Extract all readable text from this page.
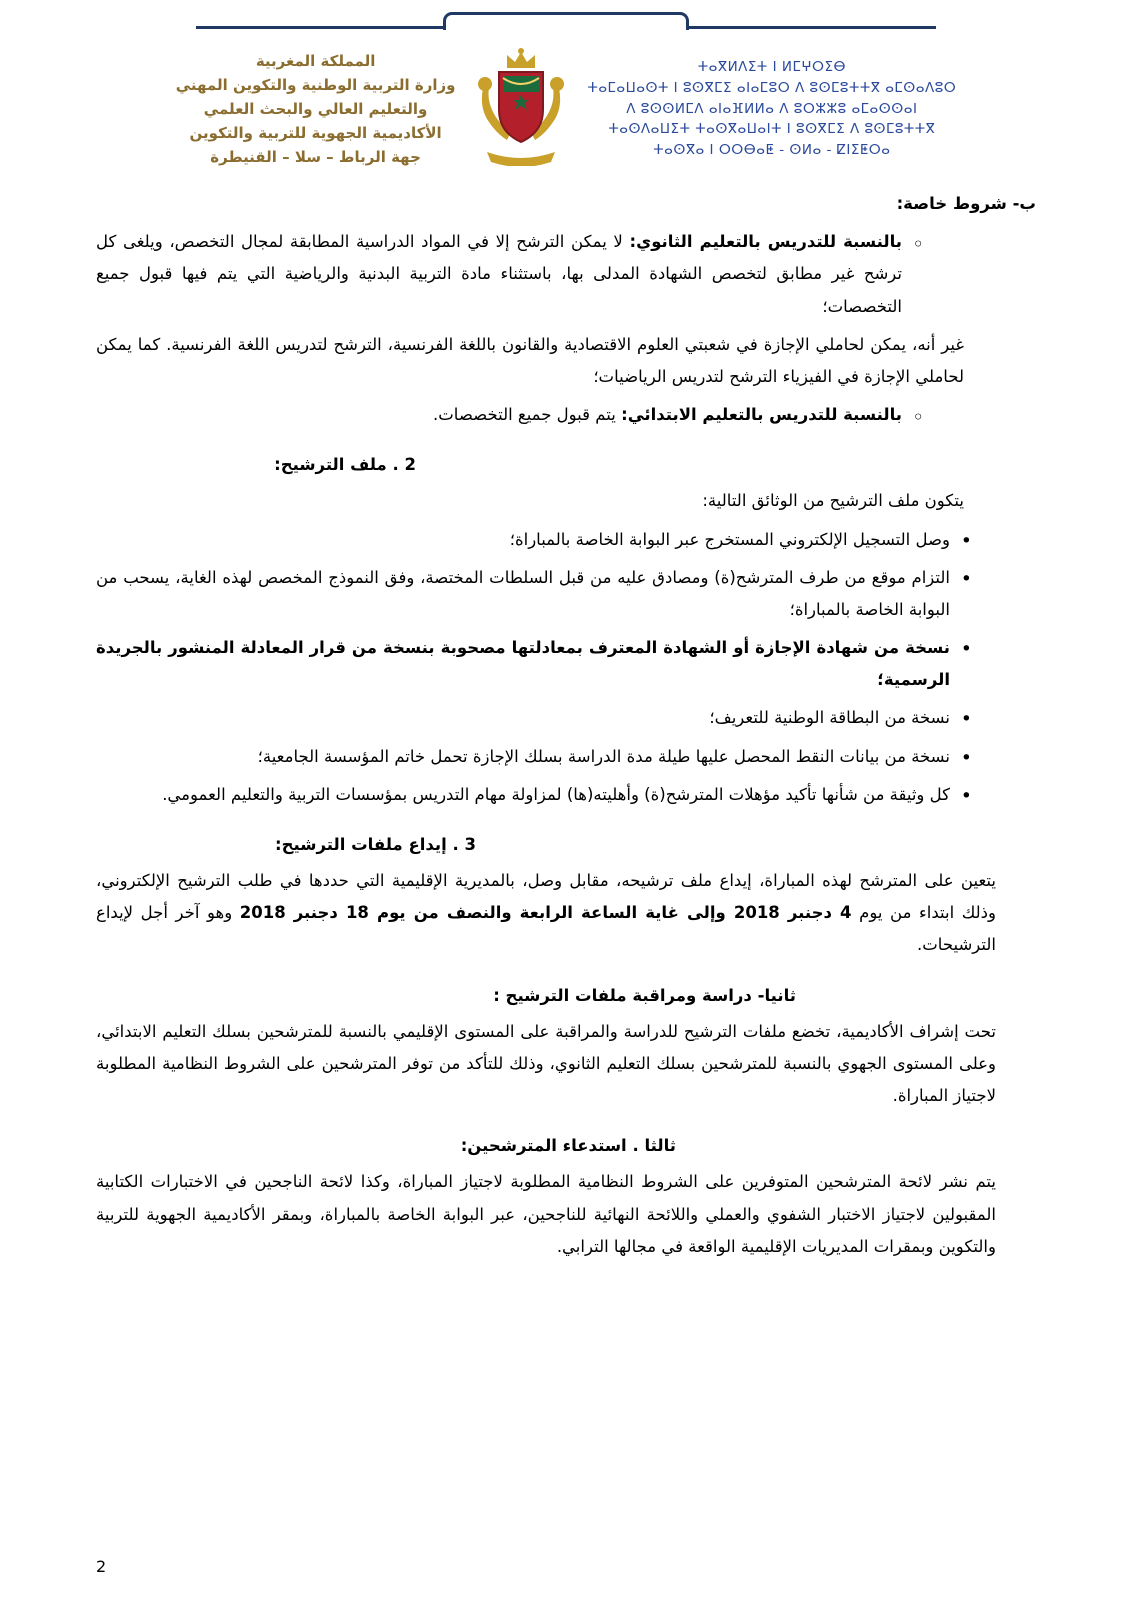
ⵜⴰⴳⵍⴷⵉⵜ ⵏ ⵍⵎⵖⵔⵉⴱ
ⵜⴰⵎⴰⵡⴰⵙⵜ ⵏ ⵓⵙⴳⵎⵉ ⴰⵏⴰⵎⵓⵔ ⴷ ⵓⵙⵎⵓⵜⵜⴳ ⴰⵎⵙⴰⴷⵓⵔ
ⴷ ⵓⵙⵙⵍⵎⴷ ⴰⵏⴰⴼⵍⵍⴰ ⴷ ⵓⵔⵣⵣⵓ ⴰⵎⴰⵙⵙⴰⵏ
ⵜⴰⵙⴷⴰⵡⵉⵜ ⵜⴰⵙⴳⴰⵡⴰⵏⵜ ⵏ ⵓⵙⴳⵎⵉ ⴷ ⵓⵙⵎⵓⵜⵜⴳ
ⵜⴰⵙⴳⴰ ⵏ ⵔⵔⴱⴰⵟ - ⵙⵍⴰ - ⵇⵏⵉⵟⵔⴰ
المملكة المغربية
وزارة التربية الوطنية والتكوين المهني
والتعليم العالي والبحث العلمي
الأكاديمية الجهوية للتربية والتكوين
جهة الرباط – سلا – القنيطرة
ب- شروط خاصة:
◦ بالنسبة للتدريس بالتعليم الثانوي: لا يمكن الترشح إلا في المواد الدراسية المطابقة لمجال التخصص، ويلغى كل ترشح غير مطابق لتخصص الشهادة المدلى بها، باستثناء مادة التربية البدنية والرياضية التي يتم فيها قبول جميع التخصصات؛
غير أنه، يمكن لحاملي الإجازة في شعبتي العلوم الاقتصادية والقانون باللغة الفرنسية، الترشح لتدريس اللغة الفرنسية. كما يمكن لحاملي الإجازة في الفيزياء الترشح لتدريس الرياضيات؛
◦ بالنسبة للتدريس بالتعليم الابتدائي: يتم قبول جميع التخصصات.
2 . ملف الترشيح:
يتكون ملف الترشيح من الوثائق التالية:
• وصل التسجيل الإلكتروني المستخرج عبر البوابة الخاصة بالمباراة؛
• التزام موقع من طرف المترشح(ة) ومصادق عليه من قبل السلطات المختصة، وفق النموذج المخصص لهذه الغاية، يسحب من البوابة الخاصة بالمباراة؛
• نسخة من شهادة الإجازة أو الشهادة المعترف بمعادلتها مصحوبة بنسخة من قرار المعادلة المنشور بالجريدة الرسمية؛
• نسخة من البطاقة الوطنية للتعريف؛
• نسخة من بيانات النقط المحصل عليها طيلة مدة الدراسة بسلك الإجازة تحمل خاتم المؤسسة الجامعية؛
• كل وثيقة من شأنها تأكيد مؤهلات المترشح(ة) وأهليته(ها) لمزاولة مهام التدريس بمؤسسات التربية والتعليم العمومي.
3 . إيداع ملفات الترشيح:
يتعين على المترشح لهذه المباراة، إيداع ملف ترشيحه، مقابل وصل، بالمديرية الإقليمية التي حددها في طلب الترشيح الإلكتروني، وذلك ابتداء من يوم 4 دجنبر 2018 وإلى غاية الساعة الرابعة والنصف من يوم 18 دجنبر 2018 وهو آخر أجل لإيداع الترشيحات.
ثانيا- دراسة ومراقبة ملفات الترشيح :
تحت إشراف الأكاديمية، تخضع ملفات الترشيح للدراسة والمراقبة على المستوى الإقليمي بالنسبة للمترشحين بسلك التعليم الابتدائي، وعلى المستوى الجهوي بالنسبة للمترشحين بسلك التعليم الثانوي، وذلك للتأكد من توفر المترشحين على الشروط النظامية المطلوبة لاجتياز المباراة.
ثالثا . استدعاء المترشحين:
يتم نشر لائحة المترشحين المتوفرين على الشروط النظامية المطلوبة لاجتياز المباراة، وكذا لائحة الناجحين في الاختبارات الكتابية المقبولين لاجتياز الاختبار الشفوي والعملي واللائحة النهائية للناجحين، عبر البوابة الخاصة بالمباراة، وبمقر الأكاديمية الجهوية للتربية والتكوين وبمقرات المديريات الإقليمية الواقعة في مجالها الترابي.
2
